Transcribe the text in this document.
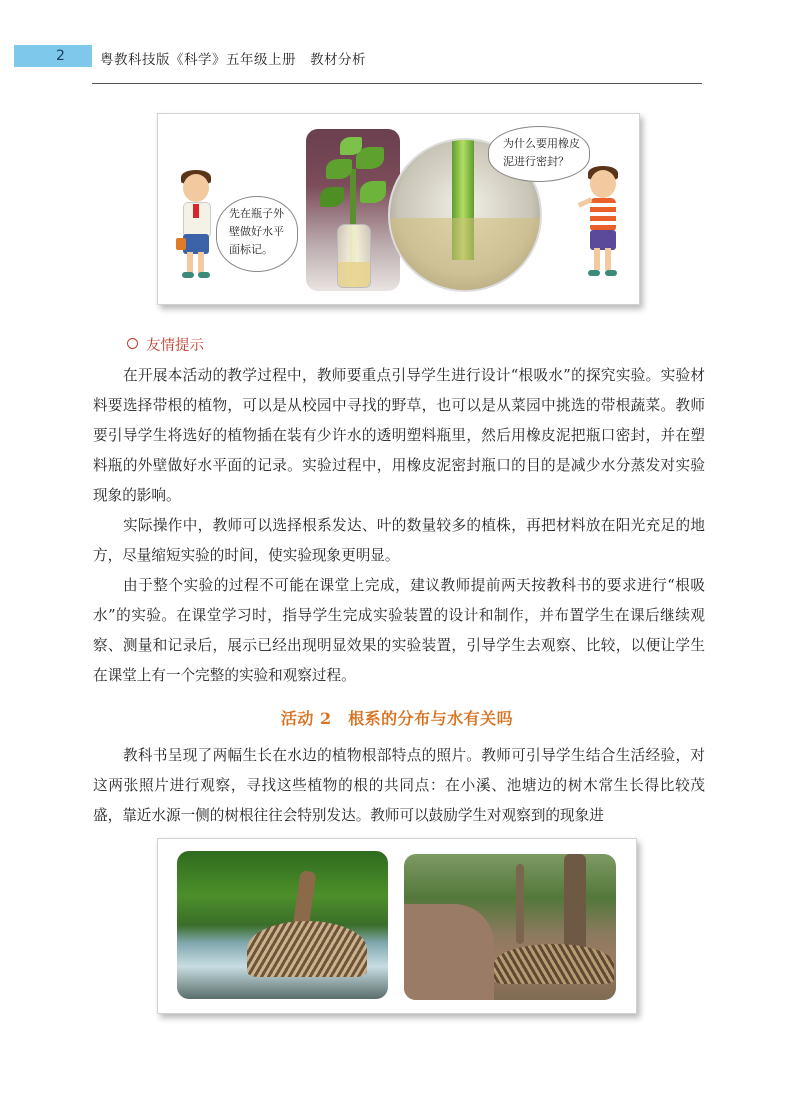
2	粤教科技版《科学》五年级上册　教材分析
先在瓶子外壁做好水平面标记。
为什么要用橡皮泥进行密封？
友情提示

在开展本活动的教学过程中，教师要重点引导学生进行设计“根吸水”的探究实验。实验材料要选择带根的植物，可以是从校园中寻找的野草，也可以是从菜园中挑选的带根蔬菜。教师要引导学生将选好的植物插在装有少许水的透明塑料瓶里，然后用橡皮泥把瓶口密封，并在塑料瓶的外壁做好水平面的记录。实验过程中，用橡皮泥密封瓶口的目的是减少水分蒸发对实验现象的影响。

实际操作中，教师可以选择根系发达、叶的数量较多的植株，再把材料放在阳光充足的地方，尽量缩短实验的时间，使实验现象更明显。

由于整个实验的过程不可能在课堂上完成，建议教师提前两天按教科书的要求进行“根吸水”的实验。在课堂学习时，指导学生完成实验装置的设计和制作，并布置学生在课后继续观察、测量和记录后，展示已经出现明显效果的实验装置，引导学生去观察、比较，以便让学生在课堂上有一个完整的实验和观察过程。

活动 2　根系的分布与水有关吗

教科书呈现了两幅生长在水边的植物根部特点的照片。教师可引导学生结合生活经验，对这两张照片进行观察，寻找这些植物的根的共同点：在小溪、池塘边的树木常生长得比较茂盛，靠近水源一侧的树根往往会特别发达。教师可以鼓励学生对观察到的现象进
